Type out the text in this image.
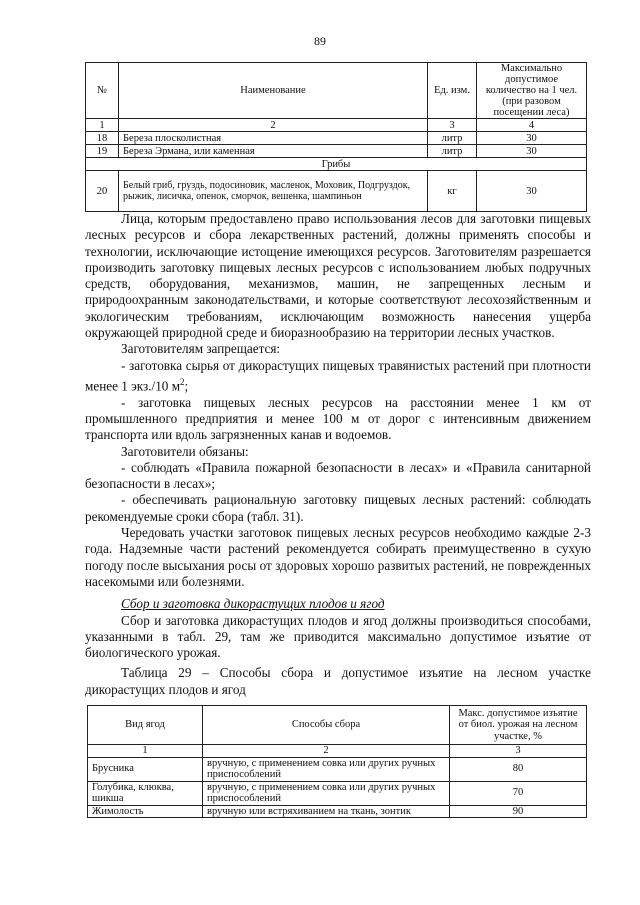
89
№	Наименование	Ед. изм.	Максимально допустимое количество на 1 чел. (при разовом посещении леса)
1	2	3	4
18	Береза плосколистная	литр	30
19	Береза Эрмана, или каменная	литр	30
Грибы			
20	Белый гриб, груздь, подосиновик, масленок, Моховик, Подгруздок, рыжик, лисичка, опенок, сморчок, вешенка, шампиньон	кг	30

Лица, которым предоставлено право использования лесов для заготовки пищевых лесных ресурсов и сбора лекарственных растений, должны применять способы и технологии, исключающие истощение имеющихся ресурсов. Заготовителям разрешается производить заготовку пищевых лесных ресурсов с использованием любых подручных средств, оборудования, механизмов, машин, не запрещенных лесным и природоохранным законодательствами, и которые соответствуют лесохозяйственным и экологическим требованиям, исключающим возможность нанесения ущерба окружающей природной среде и биоразнообразию на территории лесных участков.

Заготовителям запрещается:

- заготовка сырья от дикорастущих пищевых травянистых растений при плотности менее 1 экз./10 $м^2$;

- заготовка пищевых лесных ресурсов на расстоянии менее 1 км от промышленного предприятия и менее 100 м от дорог с интенсивным движением транспорта или вдоль загрязненных канав и водоемов.

Заготовители обязаны:

- соблюдать «Правила пожарной безопасности в лесах» и «Правила санитарной безопасности в лесах»;

- обеспечивать рациональную заготовку пищевых лесных растений: соблюдать рекомендуемые сроки сбора (табл. 31).

Чередовать участки заготовок пищевых лесных ресурсов необходимо каждые 2-3 года. Надземные части растений рекомендуется собирать преимущественно в сухую погоду после высыхания росы от здоровых хорошо развитых растений, не поврежденных насекомыми или болезнями.

Сбор и заготовка дикорастущих плодов и ягод

Сбор и заготовка дикорастущих плодов и ягод должны производиться способами, указанными в табл. 29, там же приводится максимально допустимое изъятие от биологического урожая.

Таблица 29 – Способы сбора и допустимое изъятие на лесном участке дикорастущих плодов и ягод

Вид ягод	Способы сбора	Макс. допустимое изъятие от биол. урожая на лесном участке, %
1	2	3
Брусника	вручную, с применением совка или других ручных приспособлений	80
Голубика, клюква, шикша	вручную, с применением совка или других ручных приспособлений	70
Жимолость	вручную или встряхиванием на ткань, зонтик	90
